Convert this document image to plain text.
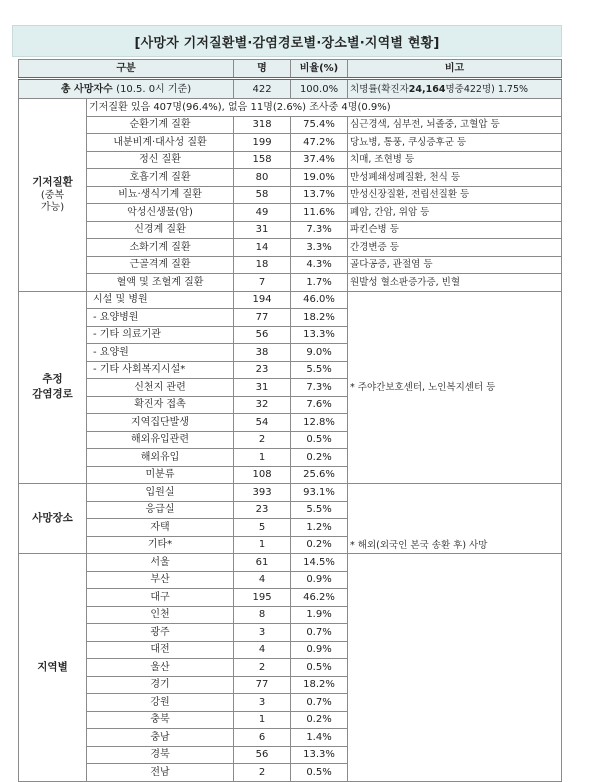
[사망자 기저질환별·감염경로별·장소별·지역별 현황]
구분		명	비율(%)	비고
총 사망자수 (10.5. 0시 기준)		422	100.0%	치명률(확진자24,164명중422명) 1.75%
기저질환
(중복
가능)	기저질환 있음 407명(96.4%), 없음 11명(2.6%) 조사중 4명(0.9%)			
	순환기계 질환	318	75.4%	심근경색, 심부전, 뇌졸중, 고혈압 등
	내분비계·대사성 질환	199	47.2%	당뇨병, 통풍, 쿠싱증후군 등
	정신 질환	158	37.4%	치매, 조현병 등
	호흡기계 질환	80	19.0%	만성폐쇄성폐질환, 천식 등
	비뇨·생식기계 질환	58	13.7%	만성신장질환, 전립선질환 등
	악성신생물(암)	49	11.6%	폐암, 간암, 위암 등
	신경계 질환	31	7.3%	파킨슨병 등
	소화기계 질환	14	3.3%	간경변증 등
	근골격계 질환	18	4.3%	골다공증, 관절염 등
	혈액 및 조혈계 질환	7	1.7%	원발성 혈소판증가증, 빈혈

추정
감염경로	시설 및 병원	194	46.0%	* 주야간보호센터, 노인복지센터 등
	- 요양병원	77	18.2%	
	- 기타 의료기관	56	13.3%	
	- 요양원	38	9.0%	
	- 기타 사회복지시설*	23	5.5%	
	신천지 관련	31	7.3%	
	확진자 접촉	32	7.6%	
	지역집단발생	54	12.8%	
	해외유입관련	2	0.5%	
	해외유입	1	0.2%	
	미분류	108	25.6%	
사망장소	입원실	393	93.1%	* 해외(외국인 본국 송환 후) 사망
	응급실	23	5.5%	
	자택	5	1.2%	
	기타*	1	0.2%	
지역별	서울	61	14.5%	
	부산	4	0.9%	
	대구	195	46.2%	
	인천	8	1.9%	
	광주	3	0.7%	
	대전	4	0.9%	
	울산	2	0.5%	
	경기	77	18.2%	
	강원	3	0.7%	
	충북	1	0.2%	
	충남	6	1.4%	
	경북	56	13.3%	
	전남	2	0.5%	
